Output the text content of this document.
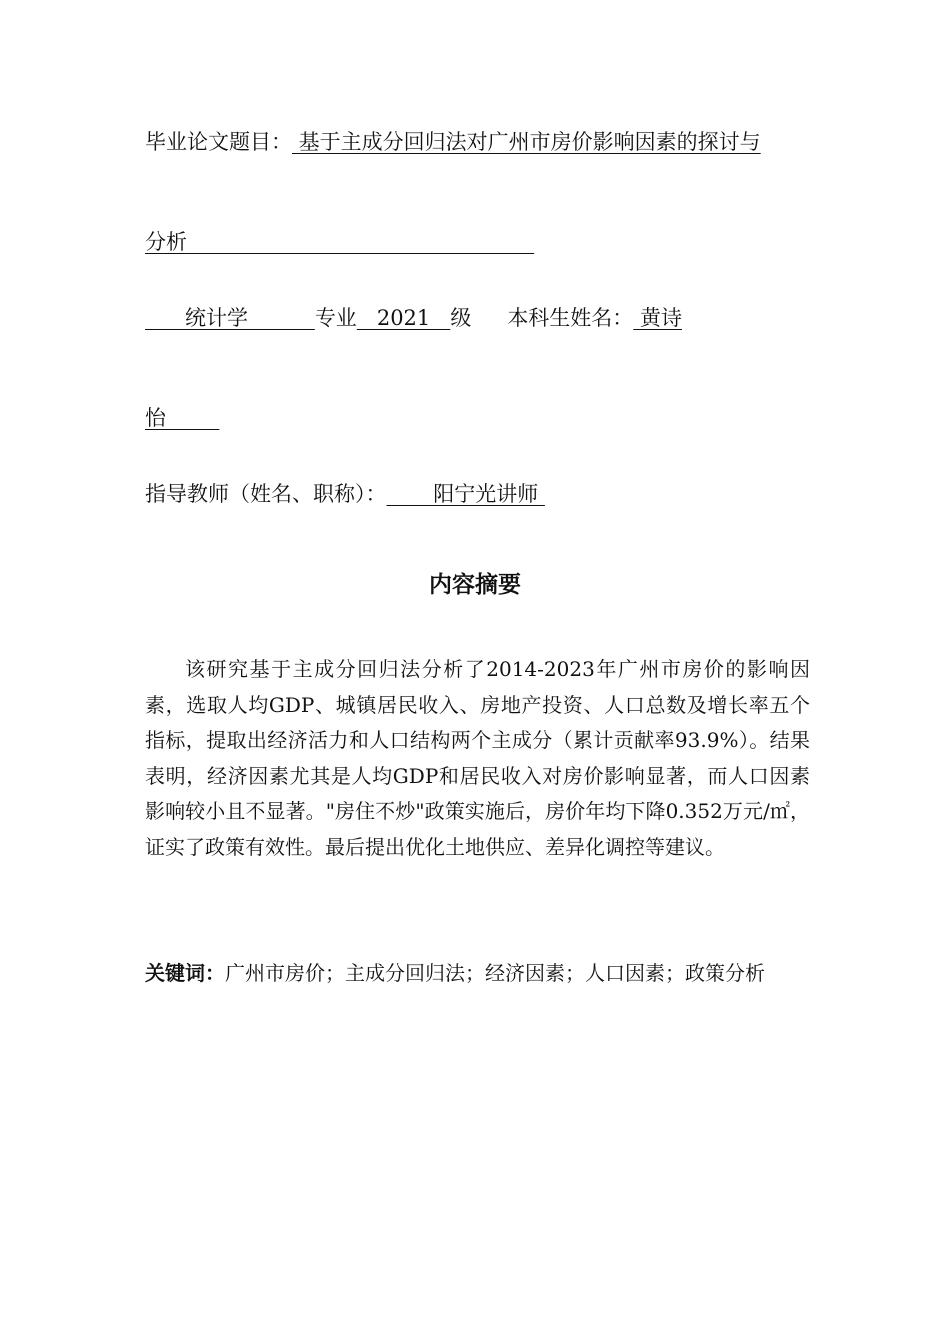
毕业论文题目： 基于主成分回归法对广州市房价影响因素的探讨与
分析
统计学          专业   2021   级 本科生姓名： 黄诗
怡
指导教师（姓名、职称）：       阳宁光讲师
内容摘要
该研究基于主成分回归法分析了2014-2023年广州市房价的影响因素，选取人均GDP、城镇居民收入、房地产投资、人口总数及增长率五个指标，提取出经济活力和人口结构两个主成分（累计贡献率93.9%）。结果表明，经济因素尤其是人均GDP和居民收入对房价影响显著，而人口因素影响较小且不显著。"房住不炒"政策实施后，房价年均下降0.352万元/㎡，证实了政策有效性。最后提出优化土地供应、差异化调控等建议。
关键词：广州市房价；主成分回归法；经济因素；人口因素；政策分析
